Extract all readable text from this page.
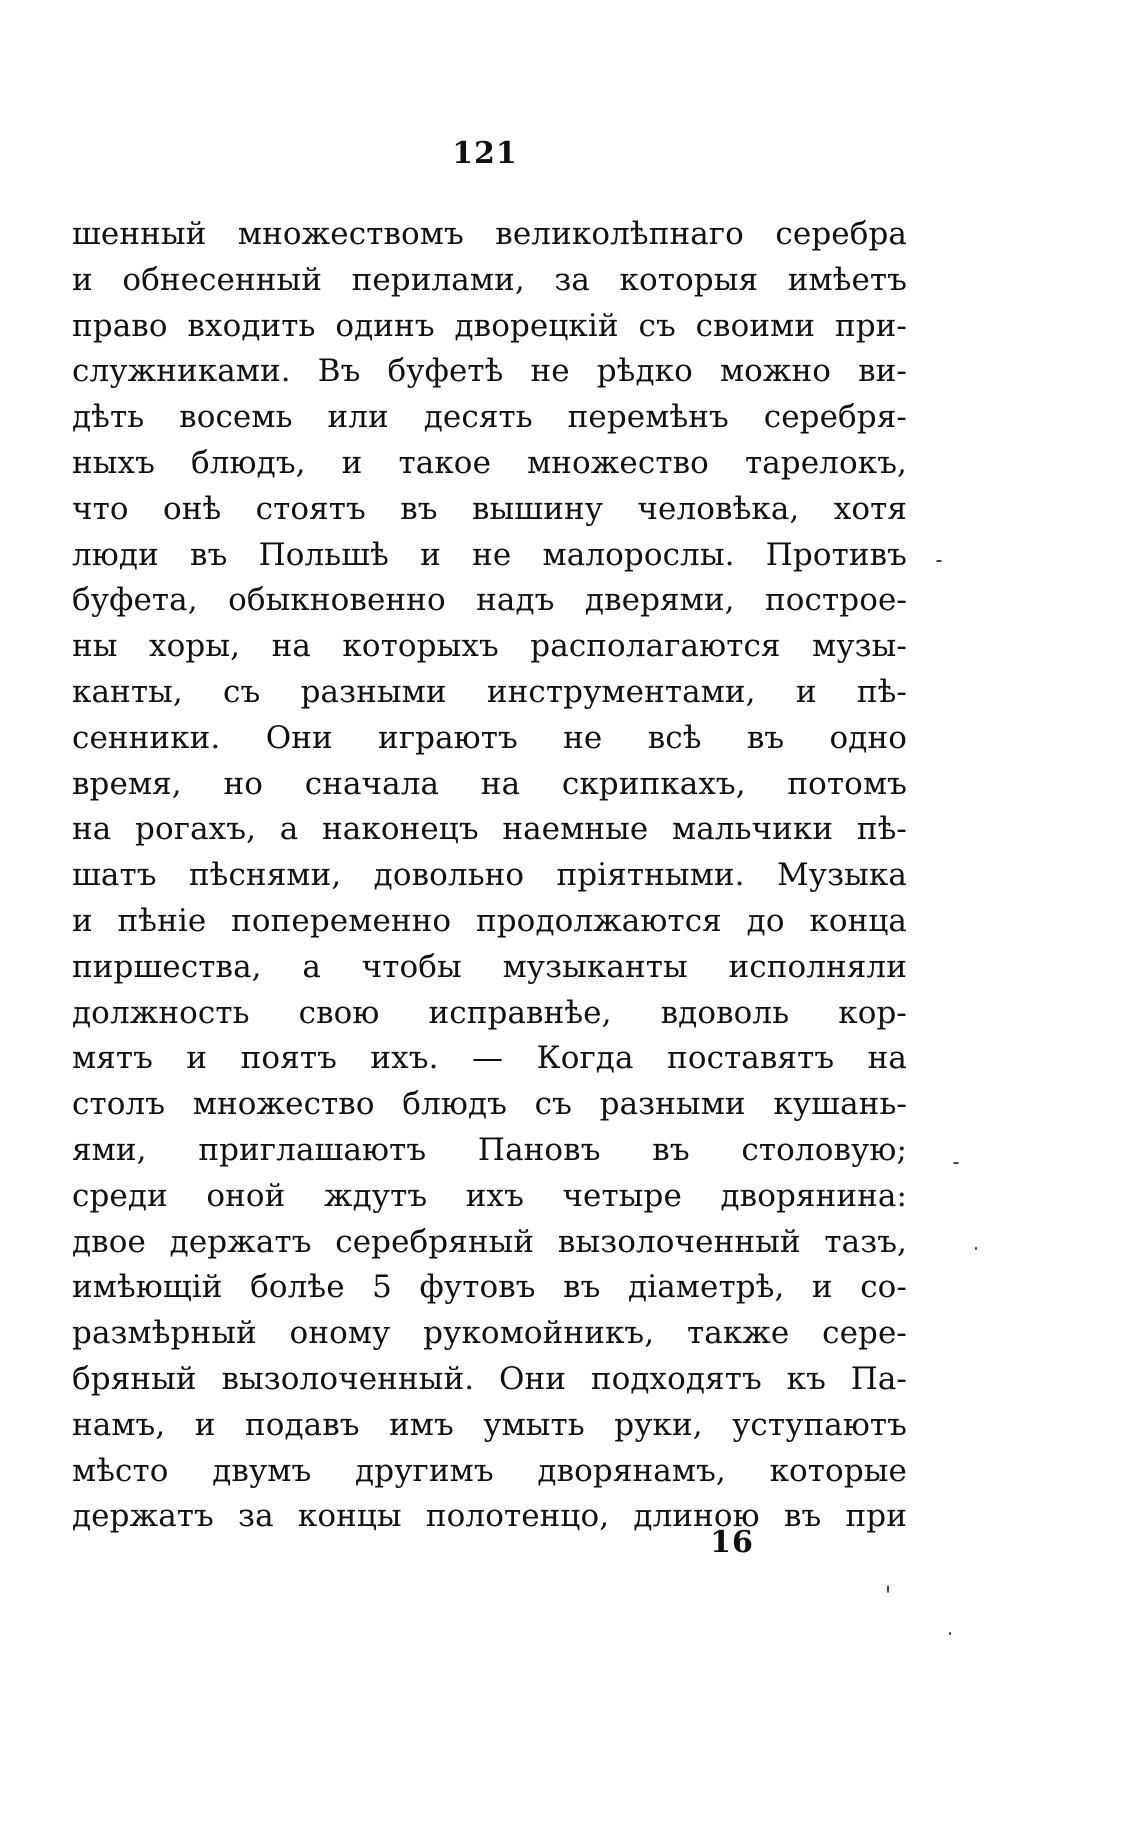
121
шенный множествомъ великолѣпнаго серебра
и обнесенный перилами, за которыя имѣетъ
право входить одинъ дворецкій съ своими при-
служниками. Въ буфетѣ не рѣдко можно ви-
дѣть восемь или десять перемѣнъ серебря-
ныхъ блюдъ, и такое множество тарелокъ,
что онѣ стоятъ въ вышину человѣка, хотя
люди въ Польшѣ и не малорослы. Противъ
буфета, обыкновенно надъ дверями, построе-
ны хоры, на которыхъ располагаются музы-
канты, съ разными инструментами, и пѣ-
сенники. Они играютъ не всѣ въ одно
время, но сначала на скрипкахъ, потомъ
на рогахъ, а наконецъ наемные мальчики пѣ-
шатъ пѣснями, довольно пріятными. Музыка
и пѣніе попеременно продолжаются до конца
пиршества, а чтобы музыканты исполняли
должность свою исправнѣе, вдоволь кор-
мятъ и поятъ ихъ. — Когда поставятъ на
столъ множество блюдъ съ разными кушань-
ями, приглашаютъ Пановъ въ столовую;
среди оной ждутъ ихъ четыре дворянина:
двое держатъ серебряный вызолоченный тазъ,
имѣющій болѣе 5 футовъ въ діаметрѣ, и со-
размѣрный оному рукомойникъ, также сере-
бряный вызолоченный. Они подходятъ къ Па-
намъ, и подавъ имъ умыть руки, уступаютъ
мѣсто двумъ другимъ дворянамъ, которые
держатъ за концы полотенцо, длиною въ при
16
